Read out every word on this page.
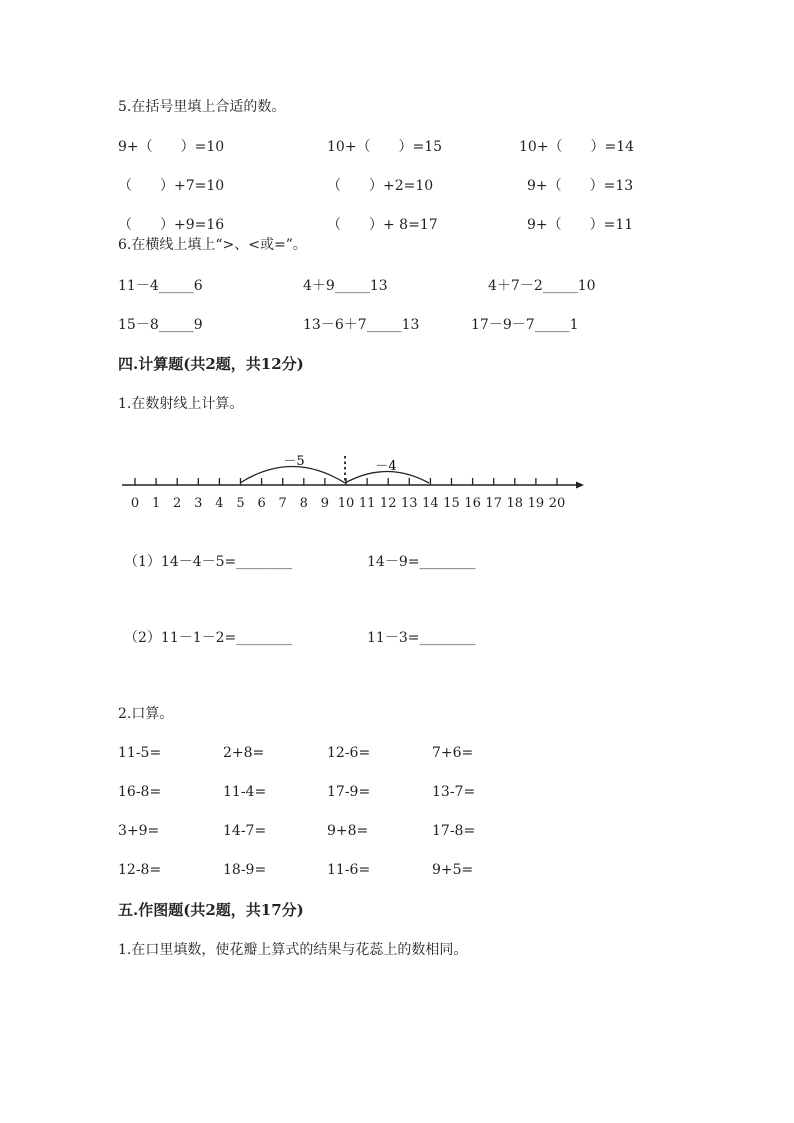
5.在括号里填上合适的数。
9+（　　）=10	10+（　　）=15	10+（　　）=14
（　　）+7=10	（　　）+2=10	9+（　　）=13
（　　）+9=16	（　　）+ 8=17	9+（　　）=11
6.在横线上填上“>、<或=”。
11－4_____6	4＋9_____13	4＋7－2_____10
15－8_____9	13－6＋7_____13	17－9－7_____1
四.计算题(共2题，共12分)
1.在数射线上计算。
0 1 2 3 4 5 6 7 8 9 10 11 12 13 14 15 16 17 18 19 20
－5	－4
（1）14－4－5=________	14－9=________
（2）11－1－2=________	11－3=________
2.口算。
11-5=	2+8=	12-6=	7+6=
16-8=	11-4=	17-9=	13-7=
3+9=	14-7=	9+8=	17-8=
12-8=	18-9=	11-6=	9+5=
五.作图题(共2题，共17分)
1.在口里填数，使花瓣上算式的结果与花蕊上的数相同。
